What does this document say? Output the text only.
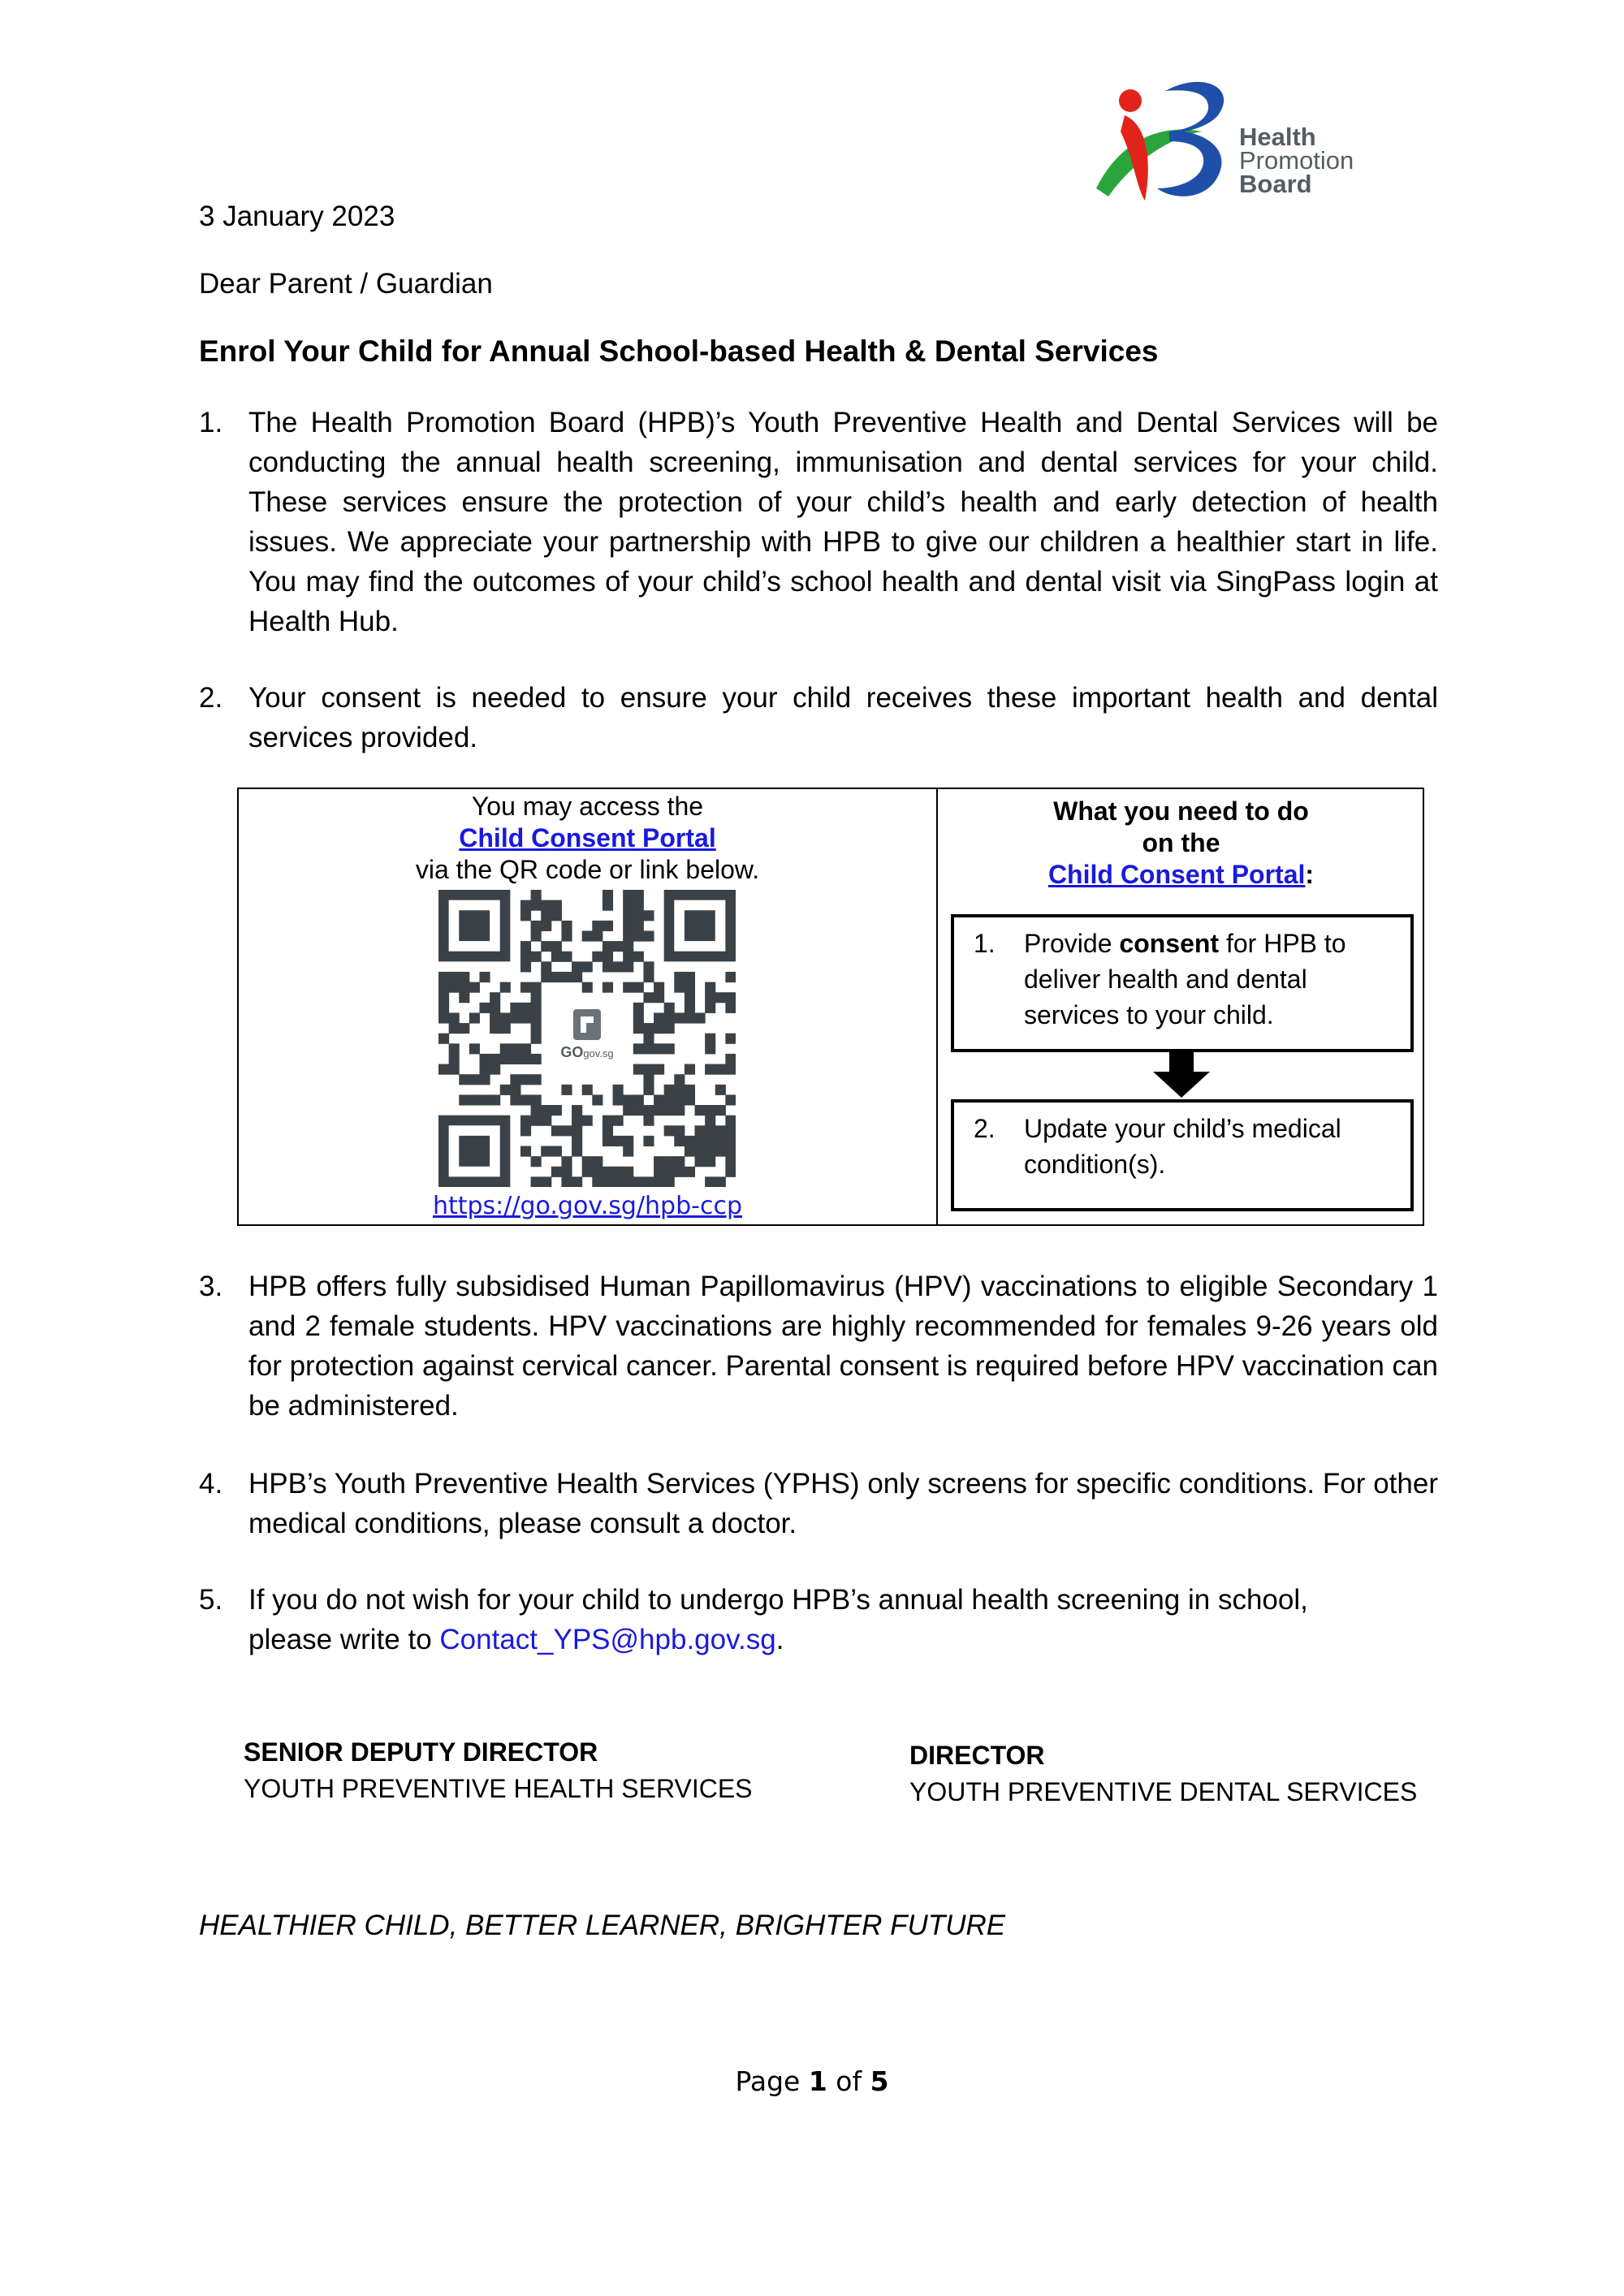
Health
Promotion
Board
3 January 2023
Dear Parent / Guardian
Enrol Your Child for Annual School-based Health & Dental Services
1. The Health Promotion Board (HPB)’s Youth Preventive Health and Dental Services will be conducting the annual health screening, immunisation and dental services for your child. These services ensure the protection of your child’s health and early detection of health issues. We appreciate your partnership with HPB to give our children a healthier start in life. You may find the outcomes of your child’s school health and dental visit via SingPass login at Health Hub.
2. Your consent is needed to ensure your child receives these important health and dental services provided.
You may access the
Child Consent Portal
via the QR code or link below.
GOgov.sg
https://go.gov.sg/hpb-ccp
What you need to do
on the
Child Consent Portal:
1. Provide consent for HPB to deliver health and dental services to your child.
2. Update your child’s medical condition(s).
3. HPB offers fully subsidised Human Papillomavirus (HPV) vaccinations to eligible Secondary 1 and 2 female students. HPV vaccinations are highly recommended for females 9-26 years old for protection against cervical cancer. Parental consent is required before HPV vaccination can be administered.
4. HPB’s Youth Preventive Health Services (YPHS) only screens for specific conditions. For other medical conditions, please consult a doctor.
5. If you do not wish for your child to undergo HPB’s annual health screening in school,
please write to Contact_YPS@hpb.gov.sg.
SENIOR DEPUTY DIRECTOR
YOUTH PREVENTIVE HEALTH SERVICES
DIRECTOR
YOUTH PREVENTIVE DENTAL SERVICES
HEALTHIER CHILD, BETTER LEARNER, BRIGHTER FUTURE
Page 1 of 5
